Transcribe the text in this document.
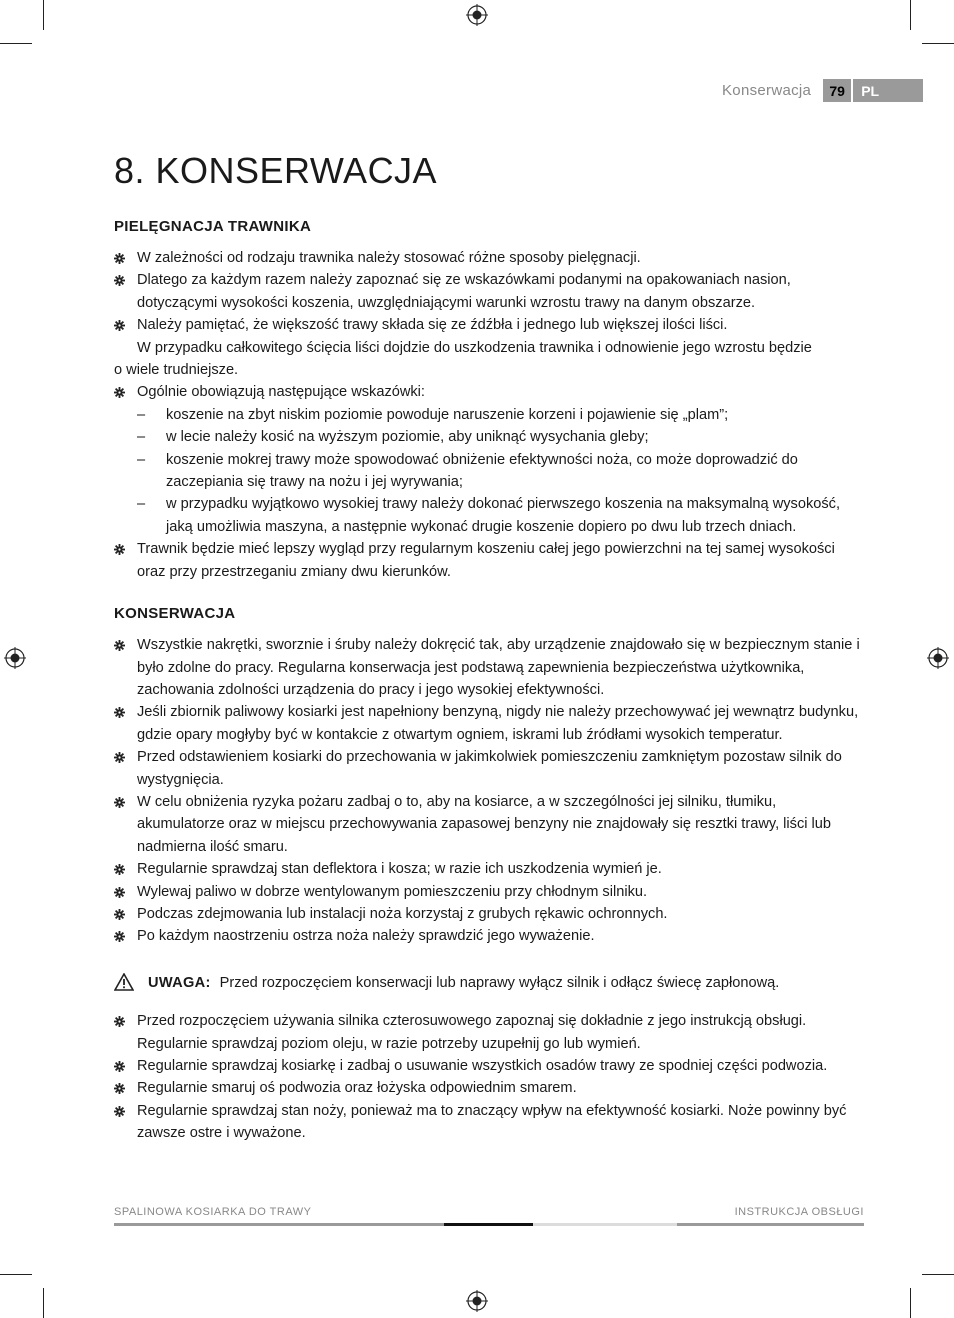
Konserwacja	79	PL
8. KONSERWACJA
PIELĘGNACJA TRAWNIKA
W zależności od rodzaju trawnika należy stosować różne sposoby pielęgnacji.
Dlatego za każdym razem należy zapoznać się ze wskazówkami podanymi na opakowaniach nasion, dotyczącymi wysokości koszenia, uwzględniającymi warunki wzrostu trawy na danym obszarze.
Należy pamiętać, że większość trawy składa się ze źdźbła i jednego lub większej ilości liści.
W przypadku całkowitego ścięcia liści dojdzie do uszkodzenia trawnika i odnowienie jego wzrostu będzie
o wiele trudniejsze.
Ogólnie obowiązują następujące wskazówki:
– koszenie na zbyt niskim poziomie powoduje naruszenie korzeni i pojawienie się „plam”;
– w lecie należy kosić na wyższym poziomie, aby uniknąć wysychania gleby;
– koszenie mokrej trawy może spowodować obniżenie efektywności noża, co może doprowadzić do zaczepiania się trawy na nożu i jej wyrywania;
– w przypadku wyjątkowo wysokiej trawy należy dokonać pierwszego koszenia na maksymalną wysokość, jaką umożliwia maszyna, a następnie wykonać drugie koszenie dopiero po dwu lub trzech dniach.
Trawnik będzie mieć lepszy wygląd przy regularnym koszeniu całej jego powierzchni na tej samej wysokości oraz przy przestrzeganiu zmiany dwu kierunków.
KONSERWACJA
Wszystkie nakrętki, sworznie i śruby należy dokręcić tak, aby urządzenie znajdowało się w bezpiecznym stanie i było zdolne do pracy. Regularna konserwacja jest podstawą zapewnienia bezpieczeństwa użytkownika, zachowania zdolności urządzenia do pracy i jego wysokiej efektywności.
Jeśli zbiornik paliwowy kosiarki jest napełniony benzyną, nigdy nie należy przechowywać jej wewnątrz budynku, gdzie opary mogłyby być w kontakcie z otwartym ogniem, iskrami lub źródłami wysokich temperatur.
Przed odstawieniem kosiarki do przechowania w jakimkolwiek pomieszczeniu zamkniętym pozostaw silnik do wystygnięcia.
W celu obniżenia ryzyka pożaru zadbaj o to, aby na kosiarce, a w szczególności jej silniku, tłumiku, akumulatorze oraz w miejscu przechowywania zapasowej benzyny nie znajdowały się resztki trawy, liści lub nadmierna ilość smaru.
Regularnie sprawdzaj stan deflektora i kosza; w razie ich uszkodzenia wymień je.
Wylewaj paliwo w dobrze wentylowanym pomieszczeniu przy chłodnym silniku.
Podczas zdejmowania lub instalacji noża korzystaj z grubych rękawic ochronnych.
Po każdym naostrzeniu ostrza noża należy sprawdzić jego wyważenie.
UWAGA: Przed rozpoczęciem konserwacji lub naprawy wyłącz silnik i odłącz świecę zapłonową.
Przed rozpoczęciem używania silnika czterosuwowego zapoznaj się dokładnie z jego instrukcją obsługi. Regularnie sprawdzaj poziom oleju, w razie potrzeby uzupełnij go lub wymień.
Regularnie sprawdzaj kosiarkę i zadbaj o usuwanie wszystkich osadów trawy ze spodniej części podwozia.
Regularnie smaruj oś podwozia oraz łożyska odpowiednim smarem.
Regularnie sprawdzaj stan noży, ponieważ ma to znaczący wpływ na efektywność kosiarki. Noże powinny być zawsze ostre i wyważone.
SPALINOWA KOSIARKA DO TRAWY	INSTRUKCJA OBSŁUGI
